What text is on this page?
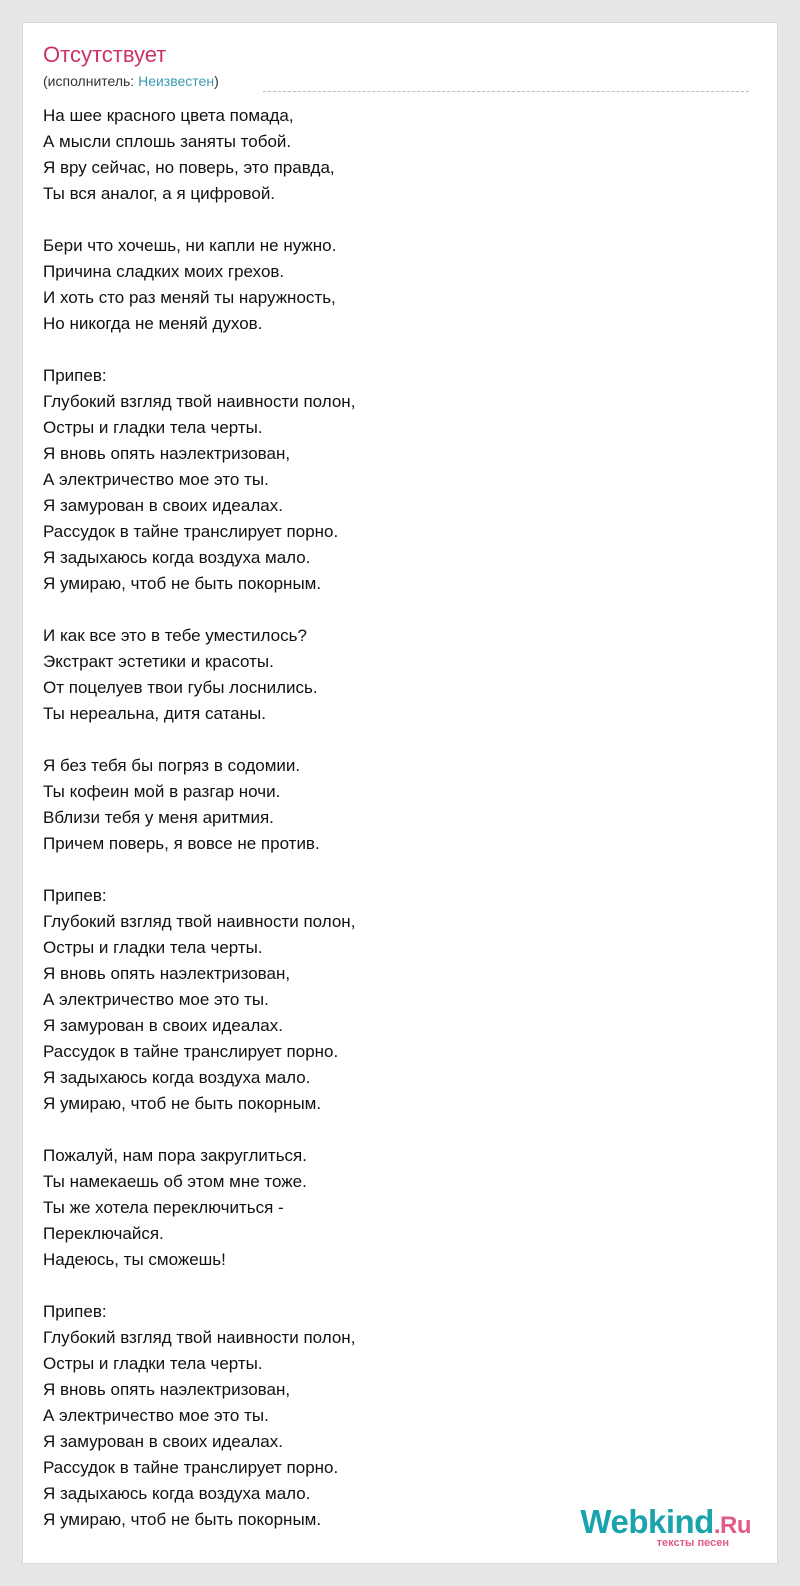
Отсутствует
(исполнитель: Неизвестен)
На шее красного цвета помада,
А мысли сплошь заняты тобой.
Я вру сейчас, но поверь, это правда,
Ты вся аналог, а я цифровой.
Бери что хочешь, ни капли не нужно.
Причина сладких моих грехов.
И хоть сто раз меняй ты наружность,
Но никогда не меняй духов.
Припев:
Глубокий взгляд твой наивности полон,
Остры и гладки тела черты.
Я вновь опять наэлектризован,
А электричество мое это ты.
Я замурован в своих идеалах.
Рассудок в тайне транслирует порно.
Я задыхаюсь когда воздуха мало.
Я умираю, чтоб не быть покорным.
И как все это в тебе уместилось?
Экстракт эстетики и красоты.
От поцелуев твои губы лоснились.
Ты нереальна, дитя сатаны.
Я без тебя бы погряз в содомии.
Ты кофеин мой в разгар ночи.
Вблизи тебя у меня аритмия.
Причем поверь, я вовсе не против.
Припев:
Глубокий взгляд твой наивности полон,
Остры и гладки тела черты.
Я вновь опять наэлектризован,
А электричество мое это ты.
Я замурован в своих идеалах.
Рассудок в тайне транслирует порно.
Я задыхаюсь когда воздуха мало.
Я умираю, чтоб не быть покорным.
Пожалуй, нам пора закруглиться.
Ты намекаешь об этом мне тоже.
Ты же хотела переключиться -
Переключайся.
Надеюсь, ты сможешь!
Припев:
Глубокий взгляд твой наивности полон,
Остры и гладки тела черты.
Я вновь опять наэлектризован,
А электричество мое это ты.
Я замурован в своих идеалах.
Рассудок в тайне транслирует порно.
Я задыхаюсь когда воздуха мало.
Я умираю, чтоб не быть покорным.	Webkind.Ru
тексты песен
